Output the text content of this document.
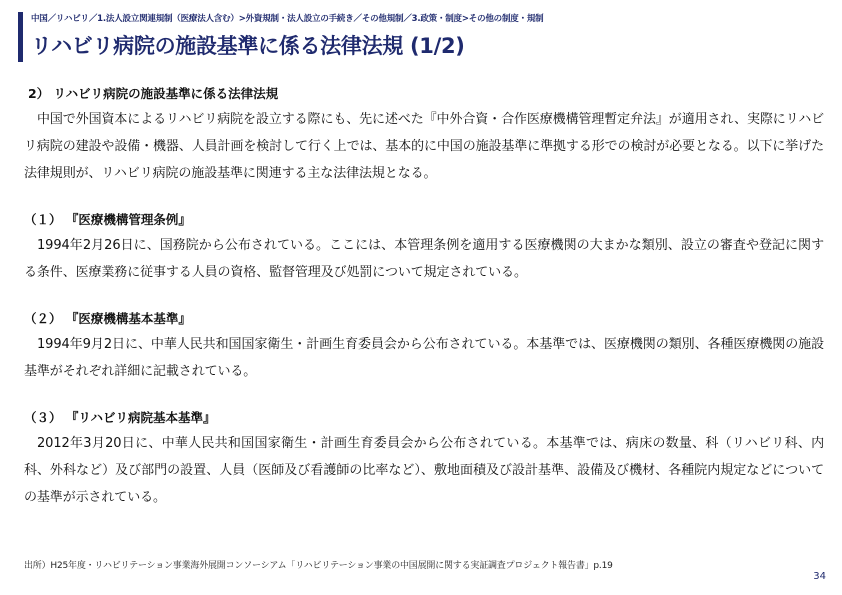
中国／リハビリ／1.法人設立関連規制（医療法人含む）>外資規制・法人設立の手続き／その他規制／3.政策・制度>その他の制度・規制
リハビリ病院の施設基準に係る法律法規 (1/2)
2） リハビリ病院の施設基準に係る法律法規

中国で外国資本によるリハビリ病院を設立する際にも、先に述べた『中外合資・合作医療機構管理暫定弁法』が適用され、実際にリハビリ病院の建設や設備・機器、人員計画を検討して行く上では、基本的に中国の施設基準に準拠する形での検討が必要となる。以下に挙げた法律規則が、リハビリ病院の施設基準に関連する主な法律法規となる。

（１） 『医療機構管理条例』

1994年2月26日に、国務院から公布されている。ここには、本管理条例を適用する医療機関の大まかな類別、設立の審査や登記に関する条件、医療業務に従事する人員の資格、監督管理及び処罰について規定されている。

（２） 『医療機構基本基準』

1994年9月2日に、中華人民共和国国家衛生・計画生育委員会から公布されている。本基準では、医療機関の類別、各種医療機関の施設基準がそれぞれ詳細に記載されている。

（３） 『リハビリ病院基本基準』

2012年3月20日に、中華人民共和国国家衛生・計画生育委員会から公布されている。本基準では、病床の数量、科（リハビリ科、内科、外科など）及び部門の設置、人員（医師及び看護師の比率など）、敷地面積及び設計基準、設備及び機材、各種院内規定などについての基準が示されている。

出所）H25年度・リハビリテーション事業海外展開コンソーシアム「リハビリテーション事業の中国展開に関する実証調査プロジェクト報告書」p.19
34
